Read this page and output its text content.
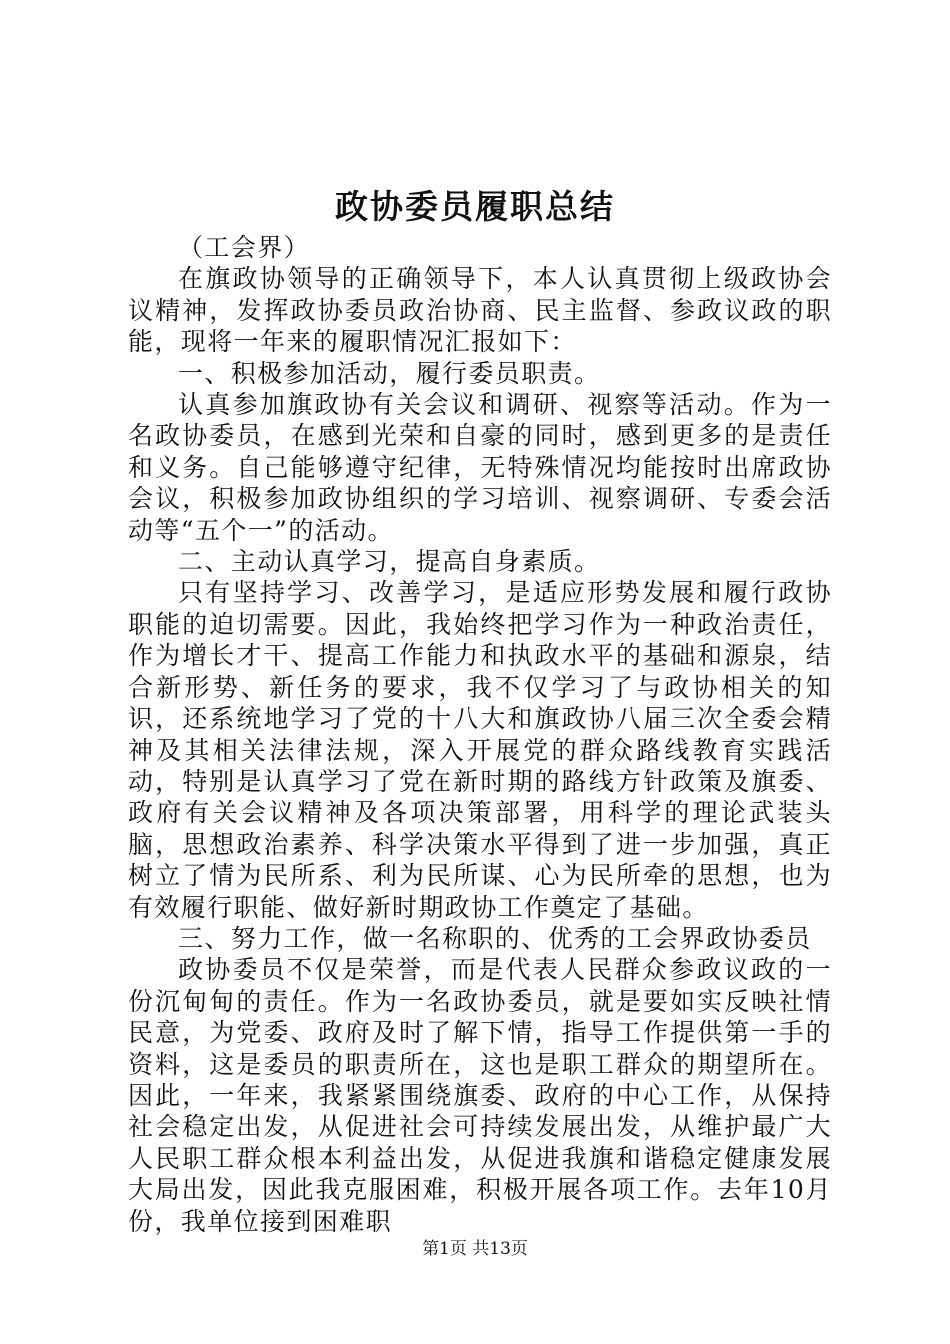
政协委员履职总结

（工会界）

在旗政协领导的正确领导下，本人认真贯彻上级政协会议精神，发挥政协委员政治协商、民主监督、参政议政的职能，现将一年来的履职情况汇报如下：

一、积极参加活动，履行委员职责。

认真参加旗政协有关会议和调研、视察等活动。作为一名政协委员，在感到光荣和自豪的同时，感到更多的是责任和义务。自己能够遵守纪律，无特殊情况均能按时出席政协会议，积极参加政协组织的学习培训、视察调研、专委会活动等“五个一”的活动。

二、主动认真学习，提高自身素质。

只有坚持学习、改善学习，是适应形势发展和履行政协职能的迫切需要。因此，我始终把学习作为一种政治责任，作为增长才干、提高工作能力和执政水平的基础和源泉，结合新形势、新任务的要求，我不仅学习了与政协相关的知识，还系统地学习了党的十八大和旗政协八届三次全委会精神及其相关法律法规，深入开展党的群众路线教育实践活动，特别是认真学习了党在新时期的路线方针政策及旗委、政府有关会议精神及各项决策部署，用科学的理论武装头脑，思想政治素养、科学决策水平得到了进一步加强，真正树立了情为民所系、利为民所谋、心为民所牵的思想，也为有效履行职能、做好新时期政协工作奠定了基础。

三、努力工作，做一名称职的、优秀的工会界政协委员

政协委员不仅是荣誉，而是代表人民群众参政议政的一份沉甸甸的责任。作为一名政协委员，就是要如实反映社情民意，为党委、政府及时了解下情，指导工作提供第一手的资料，这是委员的职责所在，这也是职工群众的期望所在。因此，一年来，我紧紧围绕旗委、政府的中心工作，从保持社会稳定出发，从促进社会可持续发展出发，从维护最广大人民职工群众根本利益出发，从促进我旗和谐稳定健康发展大局出发，因此我克服困难，积极开展各项工作。去年10月份，我单位接到困难职

第1页 共13页
